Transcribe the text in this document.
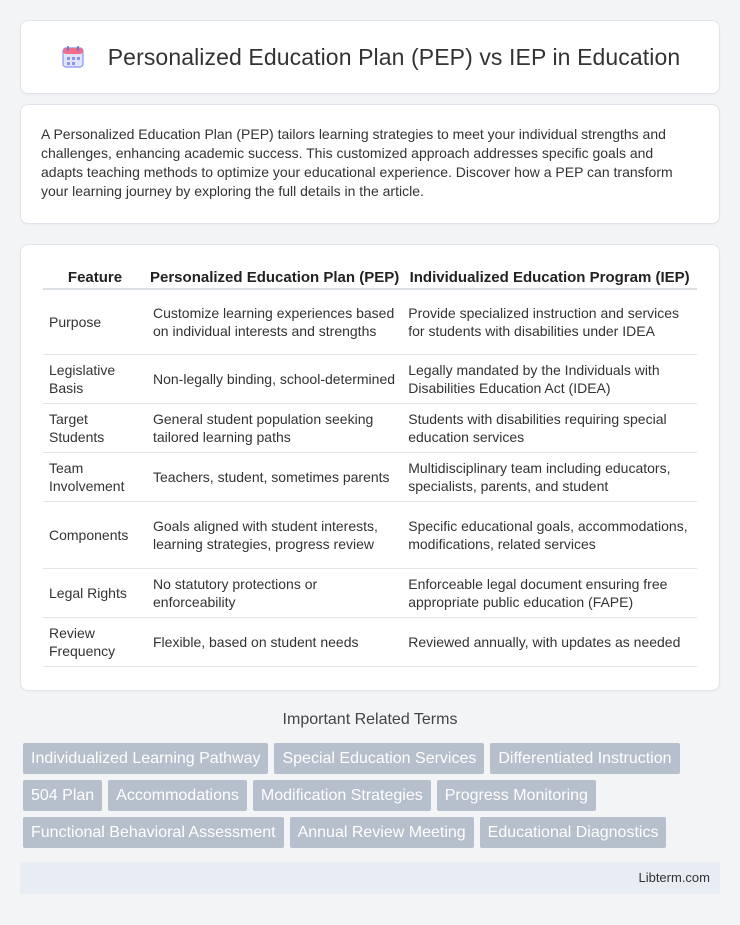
Personalized Education Plan (PEP) vs IEP in Education

A Personalized Education Plan (PEP) tailors learning strategies to meet your individual strengths and challenges, enhancing academic success. This customized approach addresses specific goals and adapts teaching methods to optimize your educational experience. Discover how a PEP can transform your learning journey by exploring the full details in the article.

Feature	Personalized Education Plan (PEP)	Individualized Education Program (IEP)
Purpose	Customize learning experiences based on individual interests and strengths	Provide specialized instruction and services for students with disabilities under IDEA
Legislative Basis	Non-legally binding, school-determined	Legally mandated by the Individuals with Disabilities Education Act (IDEA)
Target Students	General student population seeking tailored learning paths	Students with disabilities requiring special education services
Team Involvement	Teachers, student, sometimes parents	Multidisciplinary team including educators, specialists, parents, and student
Components	Goals aligned with student interests, learning strategies, progress review	Specific educational goals, accommodations, modifications, related services
Legal Rights	No statutory protections or enforceability	Enforceable legal document ensuring free appropriate public education (FAPE)
Review Frequency	Flexible, based on student needs	Reviewed annually, with updates as needed
Important Related Terms
Individualized Learning Pathway	Special Education Services	Differentiated Instruction
504 Plan	Accommodations	Modification Strategies	Progress Monitoring
Functional Behavioral Assessment	Annual Review Meeting	Educational Diagnostics
Libterm.com
